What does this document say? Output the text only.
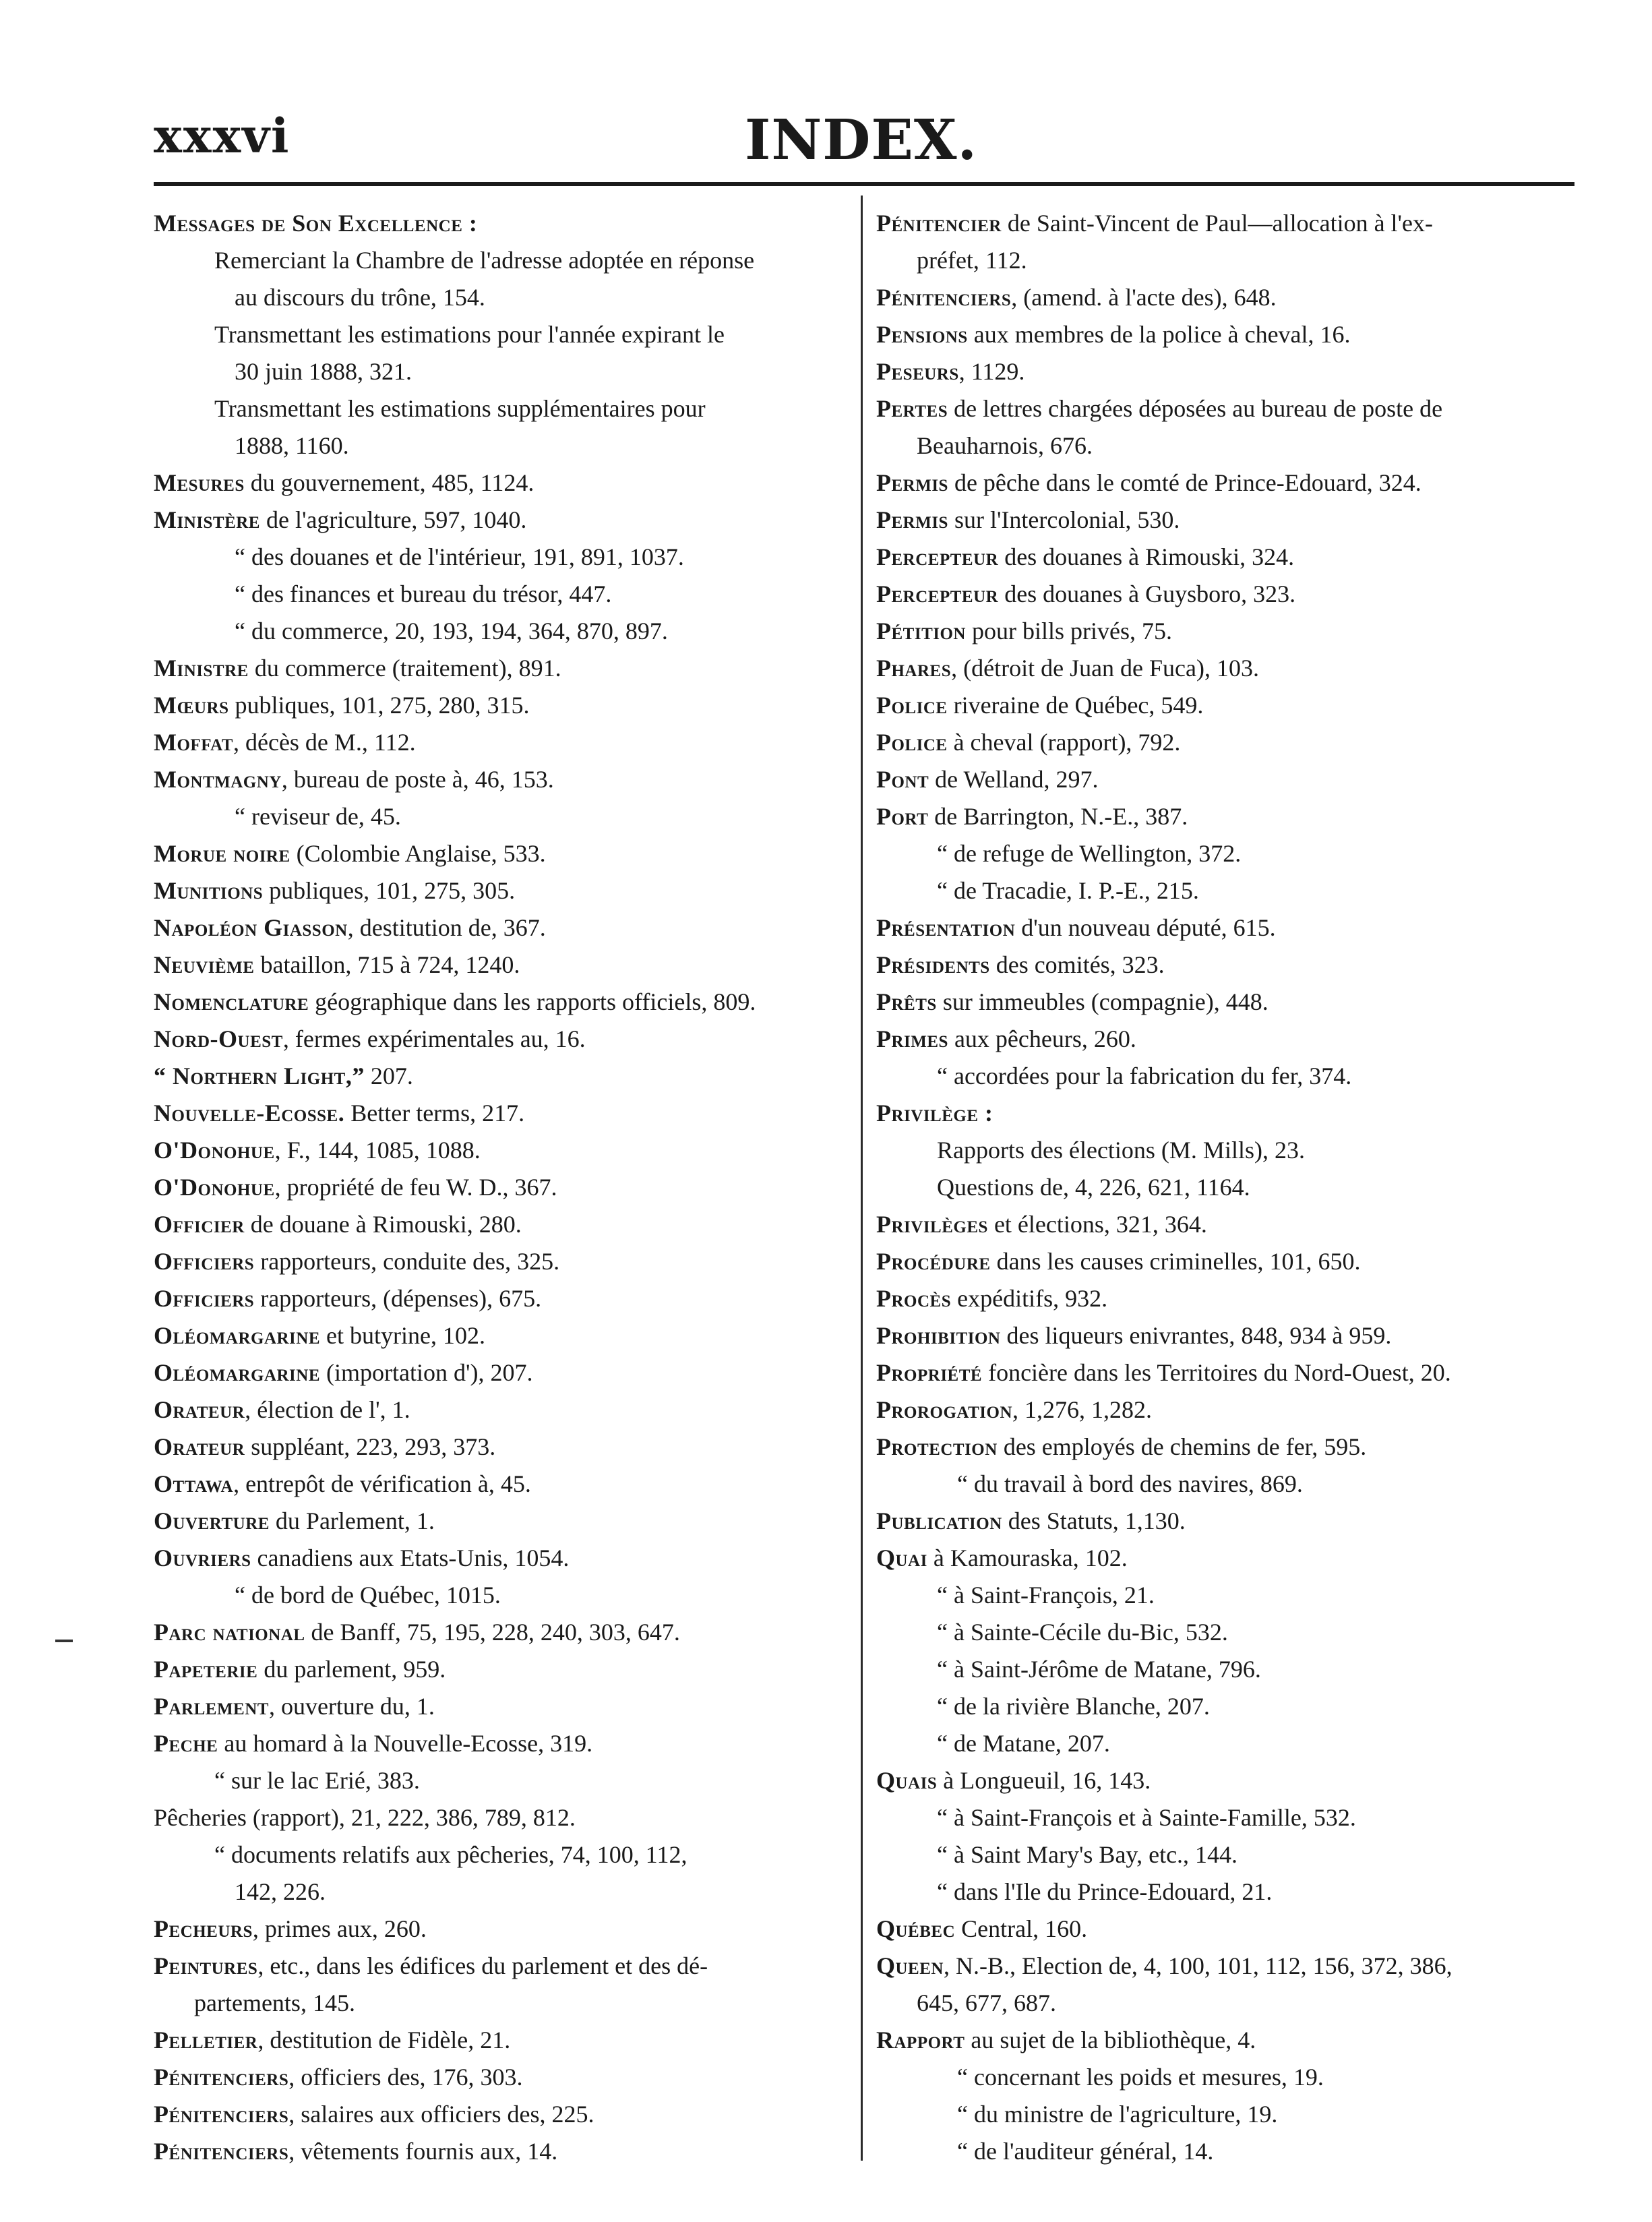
xxxvi	INDEX.
Messages de Son Excellence :
Remerciant la Chambre de l'adresse adoptée en réponse
au discours du trône, 154.
Transmettant les estimations pour l'année expirant le
30 juin 1888, 321.
Transmettant les estimations supplémentaires pour
1888, 1160.
Mesures du gouvernement, 485, 1124.
Ministère de l'agriculture, 597, 1040.
“ des douanes et de l'intérieur, 191, 891, 1037.
“ des finances et bureau du trésor, 447.
“ du commerce, 20, 193, 194, 364, 870, 897.
Ministre du commerce (traitement), 891.
Mœurs publiques, 101, 275, 280, 315.
Moffat, décès de M., 112.
Montmagny, bureau de poste à, 46, 153.
“ reviseur de, 45.
Morue noire (Colombie Anglaise, 533.
Munitions publiques, 101, 275, 305.
Napoléon Giasson, destitution de, 367.
Neuvième bataillon, 715 à 724, 1240.
Nomenclature géographique dans les rapports officiels, 809.
Nord-Ouest, fermes expérimentales au, 16.
“ Northern Light,” 207.
Nouvelle-Ecosse. Better terms, 217.
O'Donohue, F., 144, 1085, 1088.
O'Donohue, propriété de feu W. D., 367.
Officier de douane à Rimouski, 280.
Officiers rapporteurs, conduite des, 325.
Officiers rapporteurs, (dépenses), 675.
Oléomargarine et butyrine, 102.
Oléomargarine (importation d'), 207.
Orateur, élection de l', 1.
Orateur suppléant, 223, 293, 373.
Ottawa, entrepôt de vérification à, 45.
Ouverture du Parlement, 1.
Ouvriers canadiens aux Etats-Unis, 1054.
“ de bord de Québec, 1015.
Parc national de Banff, 75, 195, 228, 240, 303, 647.
Papeterie du parlement, 959.
Parlement, ouverture du, 1.
Peche au homard à la Nouvelle-Ecosse, 319.
“ sur le lac Erié, 383.
Pêcheries (rapport), 21, 222, 386, 789, 812.
“ documents relatifs aux pêcheries, 74, 100, 112,
142, 226.
Pecheurs, primes aux, 260.
Peintures, etc., dans les édifices du parlement et des dé-
partements, 145.
Pelletier, destitution de Fidèle, 21.
Pénitenciers, officiers des, 176, 303.
Pénitenciers, salaires aux officiers des, 225.
Pénitenciers, vêtements fournis aux, 14.
Pénitencier de Saint-Vincent de Paul—allocation à l'ex-
préfet, 112.
Pénitenciers, (amend. à l'acte des), 648.
Pensions aux membres de la police à cheval, 16.
Peseurs, 1129.
Pertes de lettres chargées déposées au bureau de poste de
Beauharnois, 676.
Permis de pêche dans le comté de Prince-Edouard, 324.
Permis sur l'Intercolonial, 530.
Percepteur des douanes à Rimouski, 324.
Percepteur des douanes à Guysboro, 323.
Pétition pour bills privés, 75.
Phares, (détroit de Juan de Fuca), 103.
Police riveraine de Québec, 549.
Police à cheval (rapport), 792.
Pont de Welland, 297.
Port de Barrington, N.-E., 387.
“ de refuge de Wellington, 372.
“ de Tracadie, I. P.-E., 215.
Présentation d'un nouveau député, 615.
Présidents des comités, 323.
Prêts sur immeubles (compagnie), 448.
Primes aux pêcheurs, 260.
“ accordées pour la fabrication du fer, 374.
Privilège :
Rapports des élections (M. Mills), 23.
Questions de, 4, 226, 621, 1164.
Privilèges et élections, 321, 364.
Procédure dans les causes criminelles, 101, 650.
Procès expéditifs, 932.
Prohibition des liqueurs enivrantes, 848, 934 à 959.
Propriété foncière dans les Territoires du Nord-Ouest, 20.
Prorogation, 1,276, 1,282.
Protection des employés de chemins de fer, 595.
“ du travail à bord des navires, 869.
Publication des Statuts, 1,130.
Quai à Kamouraska, 102.
“ à Saint-François, 21.
“ à Sainte-Cécile du-Bic, 532.
“ à Saint-Jérôme de Matane, 796.
“ de la rivière Blanche, 207.
“ de Matane, 207.
Quais à Longueuil, 16, 143.
“ à Saint-François et à Sainte-Famille, 532.
“ à Saint Mary's Bay, etc., 144.
“ dans l'Ile du Prince-Edouard, 21.
Québec Central, 160.
Queen, N.-B., Election de, 4, 100, 101, 112, 156, 372, 386,
645, 677, 687.
Rapport au sujet de la bibliothèque, 4.
“ concernant les poids et mesures, 19.
“ du ministre de l'agriculture, 19.
“ de l'auditeur général, 14.
